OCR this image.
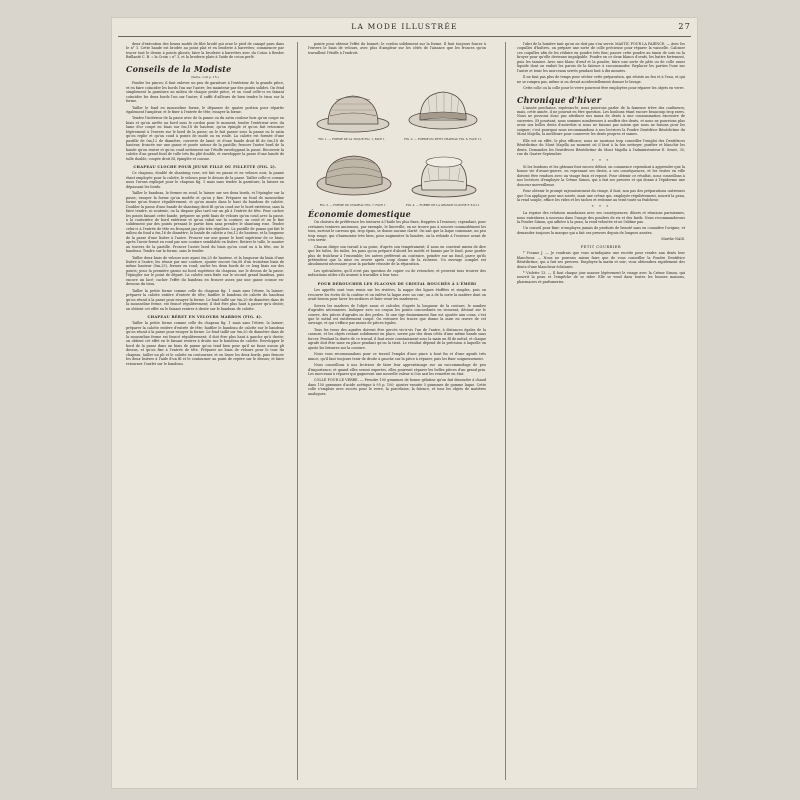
LA MODE ILLUSTRÉE	27

deux d'exécution des beaux motifs de filet brodé qui orne le pied de canapé paru dans le n° 1. Cette bande est brodée au point plat et en broderie à barrettes; commencer par tracer tout le dessin à points glissés; faire la broderie à barrettes avec du Coton à Broder Brillanté C. B. « la Croix » n° 3, et la broderie plate à l'aide de coton perlé.

Conseils de la Modiste
(Suite, voir p. 15.)

Fondre les pinces; il faut enlever un peu de garniture à l'extérieur de la grande pièce, et en faire coïncider les bords l'un sur l'autre; les maintenir par des points solides. On fend simplement la garniture au milieu de chaque petite pièce, et on coud celle-ci en faisant coïncider les deux bords l'un sur l'autre; il suffit d'ailleurs de bien tendre le tissu sur la forme.

Tailler le fond en mousseline forme, le dépasser de quatre portion pour répartir également l'ampleur, et le fixer à l'entrée de tête; essayer la forme.

Tendre l'intérieur de la passe avec de la panne ou du satin couleur bois qu'on coupe en biais et qu'on arrête au bord sous le cordon pour le moment; tendre l'extérieur avec du lame d'or coupé en biais sur 0m,18 de hauteur, qu'on épingle et qu'on fait retourner légèrement à l'envers sur le bord de la passe; on le fait passer sous la panne ou le satin qu'on replie et qu'on coud à points de mode ou en roulé. La calotte est formée d'une pastille de 0m,12 de diamètre, couverte de lamé, et d'une bande droit fil de 0m,18 de hauteur, froncée sur une ganse et posée autour de la pastille; froncer l'autre bord de la bande qu'on rentre et qu'on coud nettement sur l'étoffe enveloppant la passe. Recouvrir la calotte d'un grand fond de tulle très fin plié double, et envelopper la passe d'une bande de tulle double, coupée droit fil, épinglée et cousue.

CHAPEAU CLOCHE POUR JEUNE FILLE OU FILLETTE (FIG. 2).

Ce chapeau, doublé de shantung rose, est fait en panne et en velours noir, la panne étant employée pour la calotte, le velours pour le dessus de la passe. Tailler celle-ci comme nous l'avons expliqué pour le chapeau fig. 1 mais sans tendre la garniture, la laisser en dépassant les bords.

Tailler le bandeau, le fermer en rond, le laisser sur ses deux bords, et l'épingler sur la passe; essayer la forme qu'on modèle et qu'on y fixe. Préparer un fond de mousseline forme qu'on fronce régulièrement, et qu'on monte dans le haut du bandeau de calotte. Doubler la passe d'une bande de shantung droit fil qu'on coud sur le bord extérieur, sans la faire tendre, ni soutenir; on la dispose plus tard sur un pli à l'entrée de tête. Pour cacher les points faisant cette bande, préparer un petit biais de velours qu'on coud avec la passe, à la couturière de bord extérieur et qu'on rabat sur la couture; on coud et on le fixe solidement par des points prenant le partie bien sans prendre le shantung rose. Tendre celui-ci à l'entrée de tête en fronçant par plis très réguliers. La pastille de panne qui fait le milieu du fond a 0m,16 de diamètre; la bande de calotte a 0m,12 de hauteur, et la longueur de la passe d'une lisière à l'autre. Froncer sur une ganse le bord supérieur de ce biais; après l'avoir fermé en rond par une couture semblable en lisière. Retirer le tulle, le monter au travers de la pastille. Froncer l'autre bord du biais qu'on coud ou à la tête, sur le bandeau. Tendre sur la forme, sans le tendre.

Tailler deux biais de velours noir ayant 0m,25 de hauteur, et la longueur du biais d'une lisière à l'autre; les réunir par une couture, ajouter encore 0m,08 d'un troisième biais de même hauteur (0m,25), fermer en rond; ourler les deux bords de ce long biais sur des points; pour la première garnir au bord supérieur du chapeau, sur le dessus de la passe, l'épingler sur le point de départ. La calotte sera fixée sur le second grand bandeau, puis encore un lacé; cacher l'effet du bandeau en froncer assez par une ganse cousue en-dessous du tissu.

Tailler la petite forme comme celle du chapeau fig. 1 mais sans l'étirer, la laisser; préparer la calotte entière d'entrée de tête; faufiler le bandeau de calotte du bandeau qu'on réunit à la passe pour essayer la forme. Le fond taillé sur 0m,20 de diamètre dans de la mousseline ferme, est froncé régulièrement; il doit être plus haut à passer qu'à droite; on obtient cet effet en le faisant rentrer à droite sur le bandeau de calotte.

CHAPEAU BÉRET EN VELOURS MARRON (FIG. 4).

Tailler la petite forme comme celle du chapeau fig. 1 mais sans l'étirer, la laisser; préparer la calotte entière d'entrée de tête; faufiler le bandeau de calotte sur le bandeau qu'on réunit à la passe pour essayer la forme. Le fond taillé sur 0m,20 de diamètre dans de la mousseline ferme est froncé régulièrement; il doit être plus haut à gauche qu'à droite; on obtient cet effet en le faisant rentrer à droite sur le bandeau de calotte. Envelopper le bord de la passe dans un biais de panne qu'on tend bien pour qu'il ne fasse aucun pli dessus, et qu'on fixe à l'entrée de tête. Préparer un biais de velours pour le tour du chapeau, tailler un pli et le calotte en contourner, et en lisser les deux bords, puis froncer les deux lisières à l'aide d'un fil et le contourner au point de repère sur le dessus; et faire retourner l'ourlet sur le bandeau.

pointe pour obtenir l'effet du bonnet; le cordon solidement sur la forme. Il faut toujours foncer à l'envers le biais de velours, avec plus d'ampleur sur les côtés de l'aisance que les fronces qu'on travaillent l'étoffe à l'endroit.

Économie domestique

On choisira de préférence les tentures à l'huile les plus fines, frappées à l'essence; cependant, pour certaines tentures anciennes, par exemple, le linceville, on ne trouve pas à soucier commodément les tons, surtout le carreau qui, trop épais, se donne aucune clarté. On sait que la laque commune, un peu trop rouge, qui s'harmonise très bien; pour augmenter la lumière, on la refonde à l'essence avant de s'en servir.

Chacun dirige son travail à sa guise, d'après son tempérament; il nous en convient mieux de dire que les toiles, les tuiles, les pans qu'on préparé d'abord les motifs et bannis par le fond, pour garder plus de fraîcheur à l'ensemble; les autres préfèrent au contraire, peindre sur un fond, parce qu'ils prétendent que la mise en œuvre après coup donne de la richesse. Un ouvrage complet est absolument nécessaire pour la parfaite réussite de la réparation.

Les spécialistes, qu'il n'est pas question de copier ou de retoucher, et peuvent tous trouver des indications utiles s'ils avaient à travailler à leur tour.

POUR DÉBOUCHER LES FLACONS DE CRISTAL BOUCHÉS À L'ÉMERI

Les apprêts sont tous remis sur les rivières, la nappe des lignes étoffées et simples, puis on recouvre les écrits de la couleur et on enlève la laque avec un cuir; on a de la sorte la matière dont on avait besoin pour laver les surfaces et faire venir les marbrures.

Serrez les marbres de l'objet aussi et calculer, d'après la longueur de la couture, le nombre d'agrafes nécessaires. Indiquer avec un crayon les points concordants en trouvant, décimé sur le couvre, des pièces d'agrafes ou des perles. Si une tige éminemment fine est ajoutée aux coins, c'est que le métal est entièrement coupé. On retrouve les traces que donne la mise en œuvre de cet ouvrage, et qui s'efface par moins de pièces égales.

Tous les trous des agrafes doivent être percés vis-à-vis l'un de l'autre, à distances égales de la cassure, et les objets restant solidement en place, serrer par des deux côtés d'une même bande sans forcer. Pendant la durée de ce travail, il faut avoir constamment sous la main un fil de métal, et chaque agrafe doit être mise en place pendant qu'on la tient. Le résultat dépend de la précision à laquelle on ajuste les brisures sur la couture.

Nous vous recommandons pour ce travail l'emploi d'une pince à bout fin et d'une agrafe très mince, qu'il faut toujours tenir de droite à gauche sur la pièce à réparer, puis les fixer soigneusement.

Nous conseillons à nos lectrices de faire leur apprentissage sur un raccommodage de peu d'importance; et quand elles seront expertes, elles pourront réparer les belles pièces d'un grand prix. Les morceaux à réparer qui gagneront une nouvelle valeur si l'on sait les remettre en état.

COLLE POUR LE VERRE. — Prendre 100 grammes de bonne gélatine qu'on fait dissoudre à chaud dans 150 grammes d'acide acétique à 95 p. 100; ajouter ensuite 5 grammes de gomme laque. Cette colle s'emploie avec succès pour le verre, la porcelaine, la faïence, et tous les objets de matières analogues.

FIG. 1. — FORME DE LA TOQUE FIG. 1, FACE 1.	FIG. 2. — FORME DU PETIT CHAPEAU FIG. 6, FACE 11.
FIG. 3. — FORME DU CHAPEAU FIG. 7, FACE 1.	FIG. 4. — FORME DE LA GRANDE CLOCHE F. 6-8-11.

l'abri de la lumière tant qu'on ne doit pas s'en servir. MASTIC POUR LA FAÏENCE. — Avec les coquilles d'huîtres, on prépare une sorte de colle précieuse pour réparer la vaisselle. Calciner ces coquilles afin de les réduire en poudre très fine; passer cette poudre au tamis de soie ou la broyer pour qu'elle devienne impalpable. Poudre en ce deux blancs d'œufs, les battre fortement, puis les tamiser. Avec une blanc d'œuf et la poudre, faire une sorte de pâte ou de colle assez liquide dont on enduit les parois de la faïence à raccommoder. Replacer les parties l'une sur l'autre et tenir les morceaux serrés pendant huit à dix minutes.

Il ne faut pas plus de temps pour sécher cette préparation, qui résiste au feu et à l'eau, et qui ne se rompra pas, même si on devait accidentellement donner le lavage.

Cette colle ou la colle pour le verre pourront être employées pour réparer les objets en verre.

Chronique d'hiver

L'année prochaine, espérons-le, nous pourrons parler de la fameuse trêve des confiseurs; mais, cette année, il ne pouvait en être question. Les bonbons étant encore beaucoup trop rares. Nous ne pouvons donc pas attribuer nos maux de dents à une consommation excessive de sucreries. Et pourtant, nous sommes nombreuses à souffrir des dents, et nous ne pourrions plus avoir nos belles dents d'autrefois si nous ne faisons pas mieux que nous ne faisons pour les soigner; c'est pourquoi nous recommandons à nos lectrices la Poudre Dentifrice Bénédictine du Mont Majella, la meilleure pour conserver les dents propres et saines.

Elle est en effet, le plus efficace; nous ne saurions trop conseiller l'emploi des Dentifrices Bénédictine du Mont Majella au moment où il faut à la fois nettoyer, purifier et blanchir les dents. Demandez les Dentifrices Bénédictine du Mont Majella à l'administrateur E. Senet, 35, rue du Quatre-Septembre.

* * *

Si les bonbons et les gâteaux font encore défaut, on commence cependant à apprendre que la bonne vie d'avant-guerre, en reprenant ses droits, a ses conséquences, et les visites en ville doivent être rendues avec un visage frais et reposé. Pour obtenir ce résultat, nous conseillons à nos lectrices d'employer la Crème Simon, qui a fait ses preuves et qui donne à l'épiderme une douceur merveilleuse.

Pour obtenir le prompt rajeunissement du visage, il faut, non pas des préparations onéreuses que l'on applique pour une soirée, mais une crème qui, employée régulièrement, nourrit la peau, la rend souple, efface les rides et les taches et redonne au teint toute sa fraîcheur.

* * *

La reprise des relations mondaines avec ses conséquences, dîners et réunions parisiennes, nous entraînera à nouveau dans l'usage des poudres de riz et des fards. Nous recommanderons la Poudre Simon, qui adhère à la peau, la rend veloutée et ne l'abîme pas.

Un conseil pour finir: n'employez jamais de produits de beauté sans en connaître l'origine, et demandez toujours la marque qui a fait ses preuves depuis de longues années.

Marthe NAIS.
PETIT COURRIER

* Yvonne J. — Je voudrais que vous m'indiquiez une recette pour rendre aux dents leur blancheur. — Nous ne pouvons mieux faire que de vous conseiller la Poudre Dentifrice Bénédictine, qui a fait ses preuves. Employez-la matin et soir; vous obtiendrez rapidement des dents d'une blancheur éclatante.

* Violette 13. — Il faut chaque jour masser légèrement le visage avec la Crème Simon, qui nourrit la peau et l'empêche de se rider. Elle se vend dans toutes les bonnes maisons, pharmacies et parfumeries.
